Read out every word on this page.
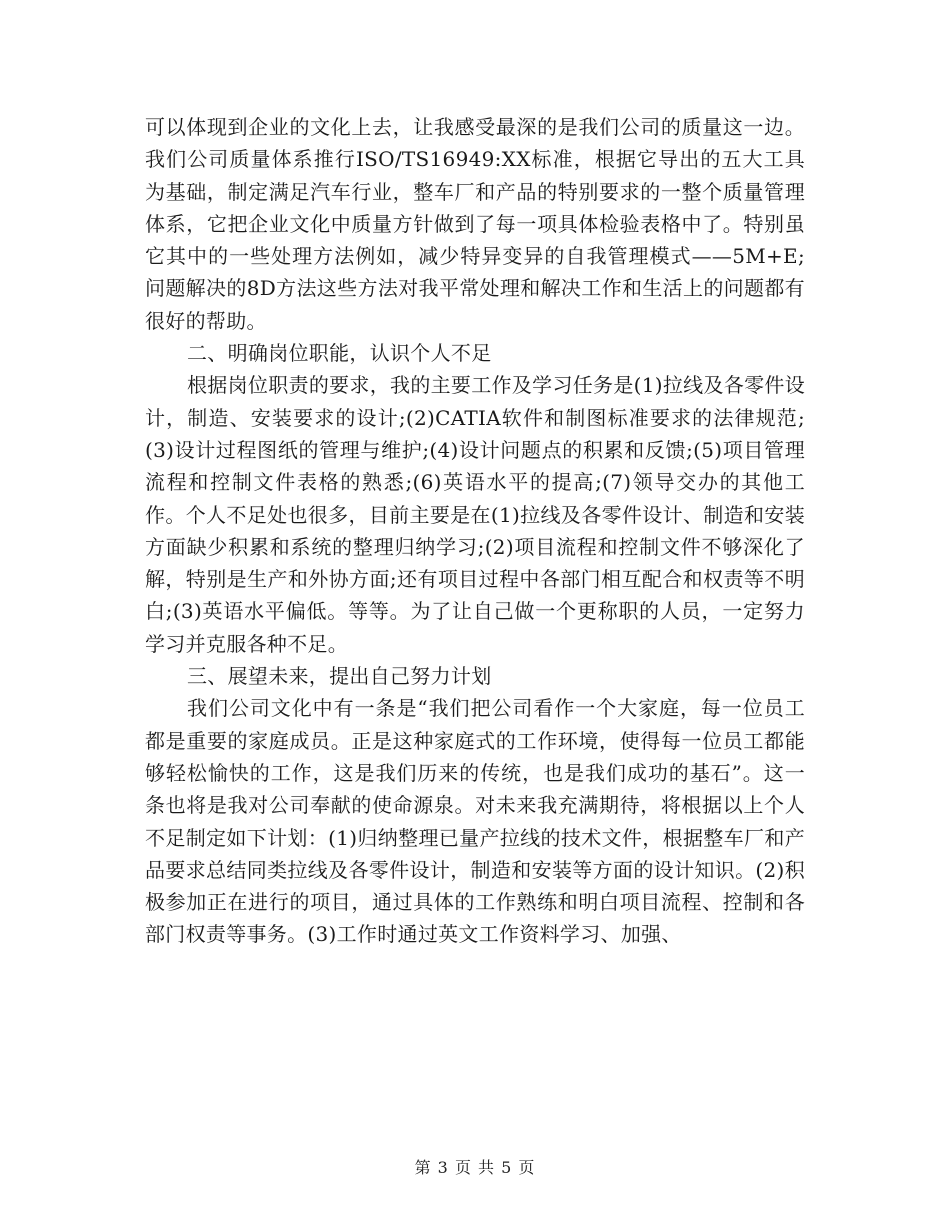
可以体现到企业的文化上去，让我感受最深的是我们公司的质量这一边。我们公司质量体系推行ISO/TS16949:XX标准，根据它导出的五大工具为基础，制定满足汽车行业，整车厂和产品的特别要求的一整个质量管理体系，它把企业文化中质量方针做到了每一项具体检验表格中了。特别虽它其中的一些处理方法例如，减少特异变异的自我管理模式——5M+E;问题解决的8D方法这些方法对我平常处理和解决工作和生活上的问题都有很好的帮助。

二、明确岗位职能，认识个人不足

根据岗位职责的要求，我的主要工作及学习任务是(1)拉线及各零件设计，制造、安装要求的设计;(2)CATIA软件和制图标准要求的法律规范;(3)设计过程图纸的管理与维护;(4)设计问题点的积累和反馈;(5)项目管理流程和控制文件表格的熟悉;(6)英语水平的提高;(7)领导交办的其他工作。个人不足处也很多，目前主要是在(1)拉线及各零件设计、制造和安装方面缺少积累和系统的整理归纳学习;(2)项目流程和控制文件不够深化了解，特别是生产和外协方面;还有项目过程中各部门相互配合和权责等不明白;(3)英语水平偏低。等等。为了让自己做一个更称职的人员，一定努力学习并克服各种不足。

三、展望未来，提出自己努力计划

我们公司文化中有一条是“我们把公司看作一个大家庭，每一位员工都是重要的家庭成员。正是这种家庭式的工作环境，使得每一位员工都能够轻松愉快的工作，这是我们历来的传统，也是我们成功的基石”。这一条也将是我对公司奉献的使命源泉。对未来我充满期待，将根据以上个人不足制定如下计划：(1)归纳整理已量产拉线的技术文件，根据整车厂和产品要求总结同类拉线及各零件设计，制造和安装等方面的设计知识。(2)积极参加正在进行的项目，通过具体的工作熟练和明白项目流程、控制和各部门权责等事务。(3)工作时通过英文工作资料学习、加强、

第 3 页 共 5 页
